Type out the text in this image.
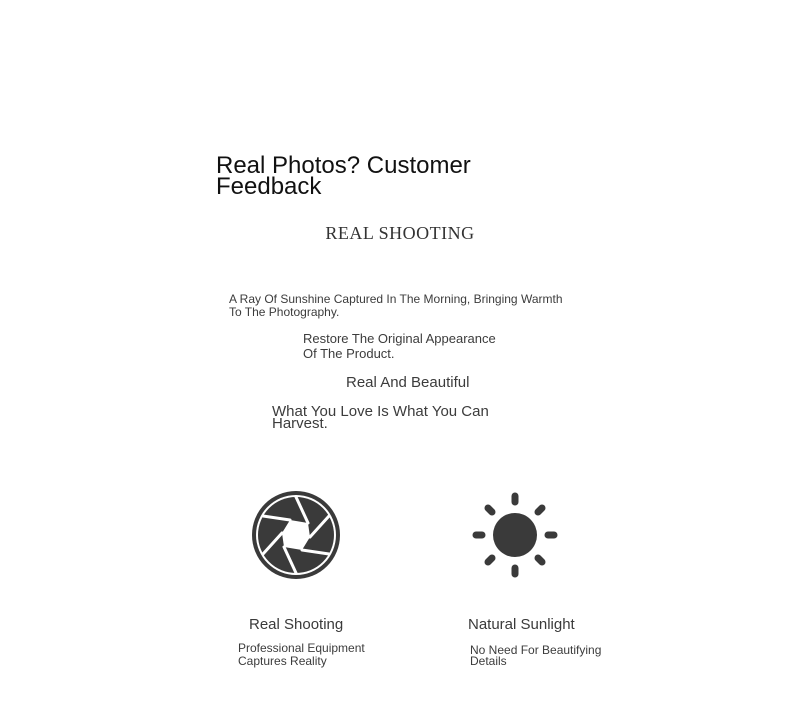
Real Photos? Customer Feedback
REAL SHOOTING
A Ray Of Sunshine Captured In The Morning, Bringing Warmth To The Photography.
Restore The Original Appearance Of The Product.
Real And Beautiful
What You Love Is What You Can Harvest.
Real Shooting	Natural Sunlight
Professional Equipment Captures Reality
No Need For Beautifying Details
